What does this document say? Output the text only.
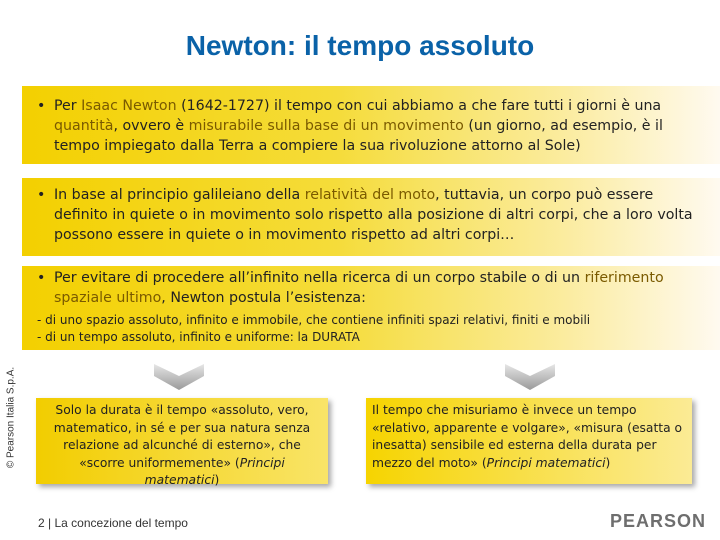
Newton: il tempo assoluto
• Per Isaac Newton (1642-1727) il tempo con cui abbiamo a che fare tutti i giorni è una quantità, ovvero è misurabile sulla base di un movimento (un giorno, ad esempio, è il tempo impiegato dalla Terra a compiere la sua rivoluzione attorno al Sole)
• In base al principio galileiano della relatività del moto, tuttavia, un corpo può essere definito in quiete o in movimento solo rispetto alla posizione di altri corpi, che a loro volta possono essere in quiete o in movimento rispetto ad altri corpi…
• Per evitare di procedere all’infinito nella ricerca di un corpo stabile o di un riferimento spaziale ultimo, Newton postula l’esistenza:
- di uno spazio assoluto, infinito e immobile, che contiene infiniti spazi relativi, finiti e mobili
- di un tempo assoluto, infinito e uniforme: la DURATA
© Pearson Italia S.p.A.	Solo la durata è il tempo «assoluto, vero, matematico, in sé e per sua natura senza relazione ad alcunché di esterno», che «scorre uniformemente» (Principi matematici)
Il tempo che misuriamo è invece un tempo «relativo, apparente e volgare», «misura (esatta o inesatta) sensibile ed esterna della durata per mezzo del moto» (Principi matematici)
2 | La concezione del tempo	PEARSON
